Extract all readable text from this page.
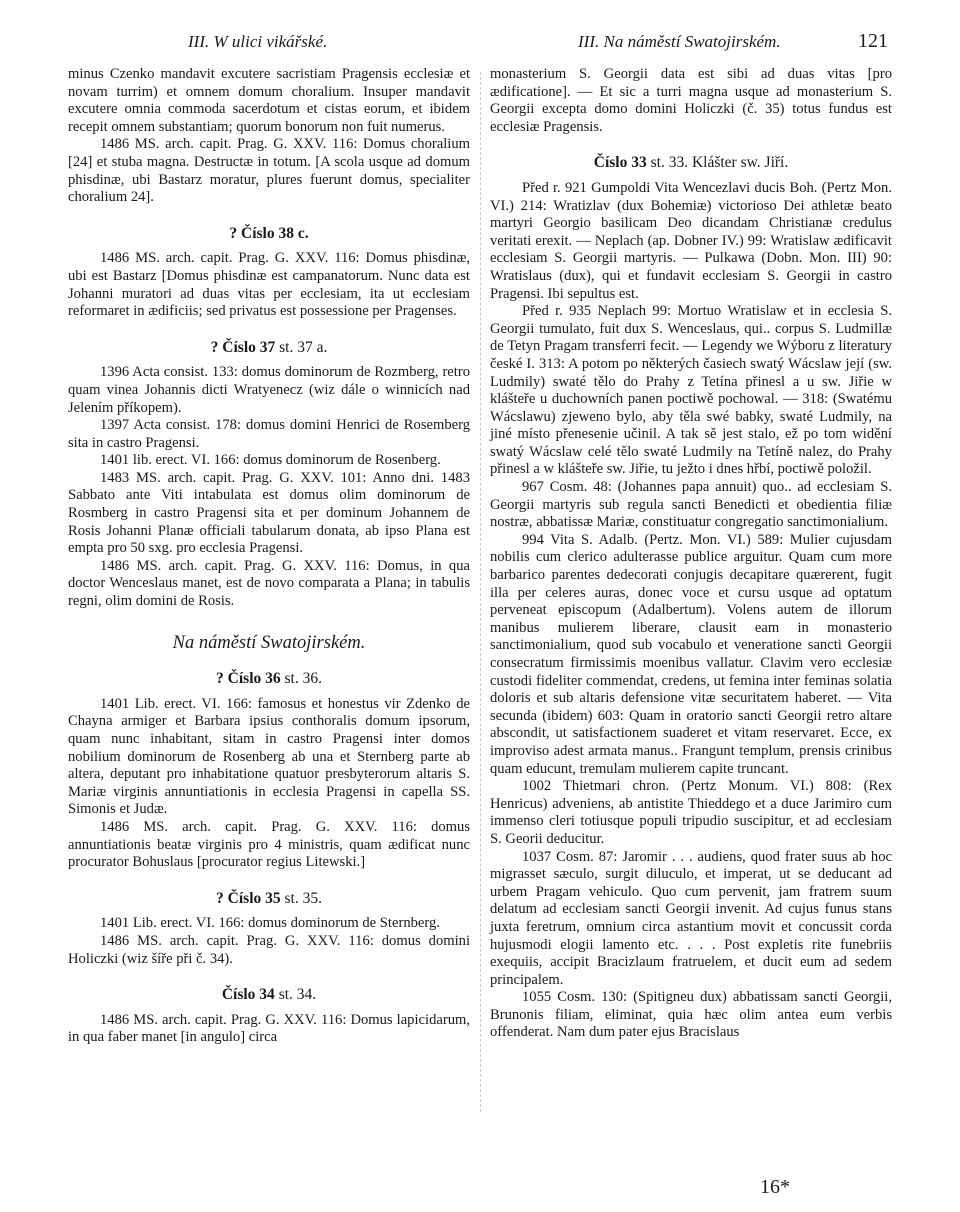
III. W ulici vikářské.	III. Na náměstí Swatojirském.	121

minus Czenko mandavit excutere sacristiam Pragensis ecclesiæ et novam turrim) et omnem domum choralium. Insuper mandavit excutere omnia commoda sacerdotum et cistas eorum, et ibidem recepit omnem substantiam; quorum bonorum non fuit numerus.

1486 MS. arch. capit. Prag. G. XXV. 116: Domus choralium [24] et stuba magna. Destructæ in totum. [A scola usque ad domum phisdinæ, ubi Bastarz moratur, plures fuerunt domus, specialiter choralium 24].

? Číslo 38 c.

1486 MS. arch. capit. Prag. G. XXV. 116: Domus phisdinæ, ubi est Bastarz [Domus phisdinæ est campanatorum. Nunc data est Johanni muratori ad duas vitas per ecclesiam, ita ut ecclesiam reformaret in ædificiis; sed privatus est possessione per Pragenses.

? Číslo 37 st. 37 a.

1396 Acta consist. 133: domus dominorum de Rozmberg, retro quam vinea Johannis dicti Wratyenecz (wiz dále o winnicích nad Jelením příkopem).

1397 Acta consist. 178: domus domini Henrici de Rosemberg sita in castro Pragensi.

1401 lib. erect. VI. 166: domus dominorum de Rosenberg.

1483 MS. arch. capit. Prag. G. XXV. 101: Anno dni. 1483 Sabbato ante Viti intabulata est domus olim dominorum de Rosmberg in castro Pragensi sita et per dominum Johannem de Rosis Johanni Planæ officiali tabularum donata, ab ipso Plana est empta pro 50 sxg. pro ecclesia Pragensi.

1486 MS. arch. capit. Prag. G. XXV. 116: Domus, in qua doctor Wenceslaus manet, est de novo comparata a Plana; in tabulis regni, olim domini de Rosis.

Na náměstí Swatojirském.
? Číslo 36 st. 36.

1401 Lib. erect. VI. 166: famosus et honestus vir Zdenko de Chayna armiger et Barbara ipsius conthoralis domum ipsorum, quam nunc inhabitant, sitam in castro Pragensi inter domos nobilium dominorum de Rosenberg ab una et Sternberg parte ab altera, deputant pro inhabitatione quatuor presbyterorum altaris S. Mariæ virginis annuntiationis in ecclesia Pragensi in capella SS. Simonis et Judæ.

1486 MS. arch. capit. Prag. G. XXV. 116: domus annuntiationis beatæ virginis pro 4 ministris, quam ædificat nunc procurator Bohuslaus [procurator regius Litewski.]

? Číslo 35 st. 35.

1401 Lib. erect. VI. 166: domus dominorum de Sternberg.

1486 MS. arch. capit. Prag. G. XXV. 116: domus domini Holiczki (wiz šíře při č. 34).

Číslo 34 st. 34.

1486 MS. arch. capit. Prag. G. XXV. 116: Domus lapicidarum, in qua faber manet [in angulo] circa

monasterium S. Georgii data est sibi ad duas vitas [pro ædificatione]. — Et sic a turri magna usque ad monasterium S. Georgii excepta domo domini Holiczki (č. 35) totus fundus est ecclesiæ Pragensis.

Číslo 33 st. 33. Klášter sw. Jiří.

Před r. 921 Gumpoldi Vita Wencezlavi ducis Boh. (Pertz Mon. VI.) 214: Wratizlav (dux Bohemiæ) victorioso Dei athletæ beato martyri Georgio basilicam Deo dicandam Christianæ credulus veritati erexit. — Neplach (ap. Dobner IV.) 99: Wratislaw ædificavit ecclesiam S. Georgii martyris. — Pulkawa (Dobn. Mon. III) 90: Wratislaus (dux), qui et fundavit ecclesiam S. Georgii in castro Pragensi. Ibi sepultus est.

Před r. 935 Neplach 99: Mortuo Wratislaw et in ecclesia S. Georgii tumulato, fuit dux S. Wenceslaus, qui.. corpus S. Ludmillæ de Tetyn Pragam transferri fecit. — Legendy we Wýboru z literatury české I. 313: A potom po některých časiech swatý Wácslaw její (sw. Ludmily) swaté tělo do Prahy z Tetína přinesl a u sw. Jiřie w klášteře u duchowních panen poctiwě pochowal. — 318: (Swatému Wácslawu) zjeweno bylo, aby těla swé babky, swaté Ludmily, na jiné místo přenesenie učinil. A tak sě jest stalo, ež po tom widění swatý Wácslaw celé tělo swaté Ludmily na Tetíně nalez, do Prahy přinesl a w klášteře sw. Jiřie, tu ježto i dnes hřbí, poctiwě položil.

967 Cosm. 48: (Johannes papa annuit) quo.. ad ecclesiam S. Georgii martyris sub regula sancti Benedicti et obedientia filiæ nostræ, abbatissæ Mariæ, constituatur congregatio sanctimonialium.

994 Vita S. Adalb. (Pertz. Mon. VI.) 589: Mulier cujusdam nobilis cum clerico adulterasse publice arguitur. Quam cum more barbarico parentes dedecorati conjugis decapitare quærerent, fugit illa per celeres auras, donec voce et cursu usque ad optatum perveneat episcopum (Adalbertum). Volens autem de illorum manibus mulierem liberare, clausit eam in monasterio sanctimonialium, quod sub vocabulo et veneratione sancti Georgii consecratum firmissimis moenibus vallatur. Clavim vero ecclesiæ custodi fideliter commendat, credens, ut femina inter feminas solatia doloris et sub altaris defensione vitæ securitatem haberet. — Vita secunda (ibidem) 603: Quam in oratorio sancti Georgii retro altare abscondit, ut satisfactionem suaderet et vitam reservaret. Ecce, ex improviso adest armata manus.. Frangunt templum, prensis crinibus quam educunt, tremulam mulierem capite truncant.

1002 Thietmari chron. (Pertz Monum. VI.) 808: (Rex Henricus) adveniens, ab antistite Thieddego et a duce Jarimiro cum immenso cleri totiusque populi tripudio suscipitur, et ad ecclesiam S. Georii deducitur.

1037 Cosm. 87: Jaromir . . . audiens, quod frater suus ab hoc migrasset sæculo, surgit diluculo, et imperat, ut se deducant ad urbem Pragam vehiculo. Quo cum pervenit, jam fratrem suum delatum ad ecclesiam sancti Georgii invenit. Ad cujus funus stans juxta feretrum, omnium circa astantium movit et concussit corda hujusmodi elogii lamento etc. . . . Post expletis rite funebriis exequiis, accipit Bracizlaum fratruelem, et ducit eum ad sedem principalem.

1055 Cosm. 130: (Spitigneu dux) abbatissam sancti Georgii, Brunonis filiam, eliminat, quia hæc olim antea eum verbis offenderat. Nam dum pater ejus Bracislaus

16*
